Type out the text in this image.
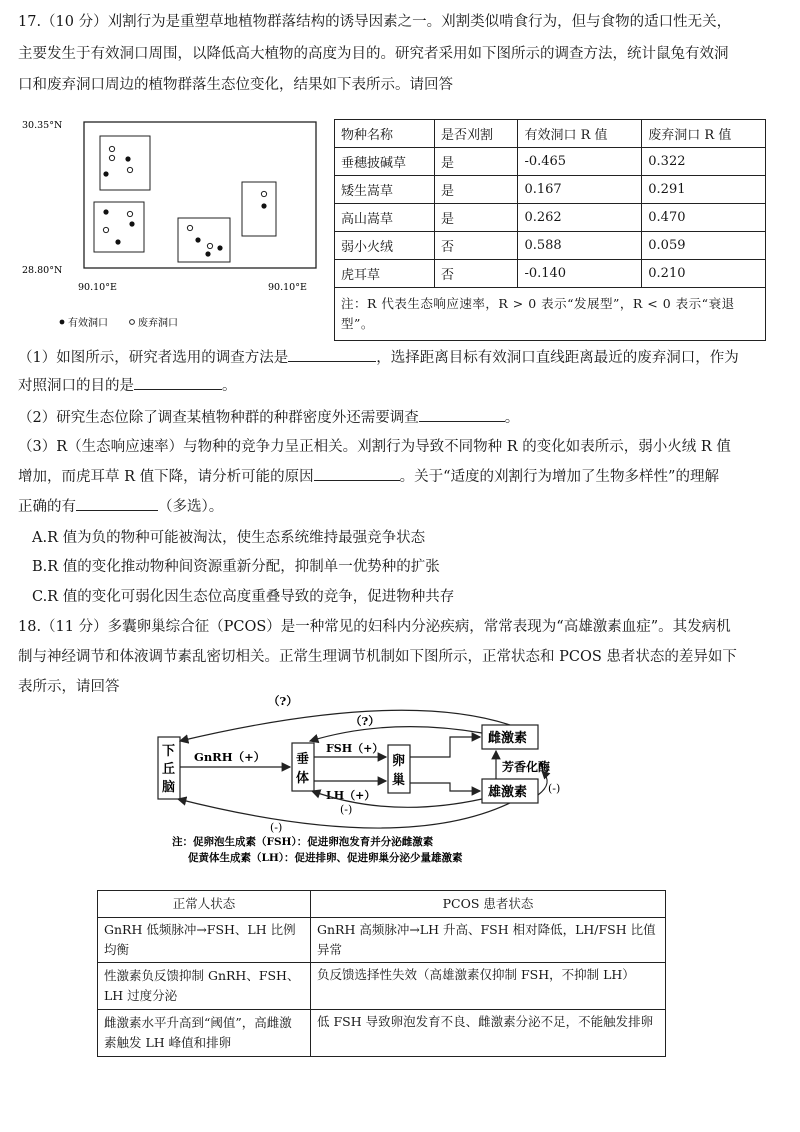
17.（10 分）刈割行为是重塑草地植物群落结构的诱导因素之一。刈割类似啃食行为，但与食物的适口性无关，
主要发生于有效洞口周围，以降低高大植物的高度为目的。研究者采用如下图所示的调查方法，统计鼠兔有效洞
口和废弃洞口周边的植物群落生态位变化，结果如下表所示。请回答
30.35°N
28.80°N
90.10°E	90.10°E
有效洞口	废弃洞口
物种名称	是否刈割	有效洞口 R 值	废弃洞口 R 值
垂穗披碱草	是	-0.465	0.322
矮生嵩草	是	0.167	0.291
高山嵩草	是	0.262	0.470
弱小火绒	否	0.588	0.059
虎耳草	否	-0.140	0.210
注：R 代表生态响应速率，R > 0 表示“发展型”，R < 0 表示“衰退型”。			
（1）如图所示，研究者选用的调查方法是	，选择距离目标有效洞口直线距离最近的废弃洞口，作为
对照洞口的目的是	。
（2）研究生态位除了调查某植物种群的种群密度外还需要调查	。
（3）R（生态响应速率）与物种的竞争力呈正相关。刈割行为导致不同物种 R 的变化如表所示，弱小火绒 R 值
增加，而虎耳草 R 值下降，请分析可能的原因	。关于“适度的刈割行为增加了生物多样性”的理解
正确的有	（多选）。
A.R 值为负的物种可能被淘汰，使生态系统维持最强竞争状态
B.R 值的变化推动物种间资源重新分配，抑制单一优势种的扩张
C.R 值的变化可弱化因生态位高度重叠导致的竞争，促进物种共存
18.（11 分）多囊卵巢综合征（PCOS）是一种常见的妇科内分泌疾病，常常表现为“高雄激素血症”。其发病机
制与神经调节和体液调节素乱密切相关。正常生理调节机制如下图所示，正常状态和 PCOS 患者状态的差异如下
表所示，请回答
下
丘
脑
垂
体
卵
巢
雌激素
雄激素
GnRH（+）
FSH（+）
LH（+）
芳香化酶
(-)
（?）
（?）
(-)
(-)
注：促卵泡生成素（FSH）：促进卵泡发育并分泌雌激素
促黄体生成素（LH）：促进排卵、促进卵巢分泌少量雄激素
正常人状态	PCOS 患者状态
GnRH 低频脉冲→FSH、LH 比例均衡	GnRH 高频脉冲→LH 升高、FSH 相对降低，LH/FSH 比值异常
性激素负反馈抑制 GnRH、FSH、LH 过度分泌	负反馈选择性失效（高雄激素仅抑制 FSH，不抑制 LH）
雌激素水平升高到“阈值”，高雌激素触发 LH 峰值和排卵	低 FSH 导致卵泡发育不良、雌激素分泌不足，不能触发排卵
